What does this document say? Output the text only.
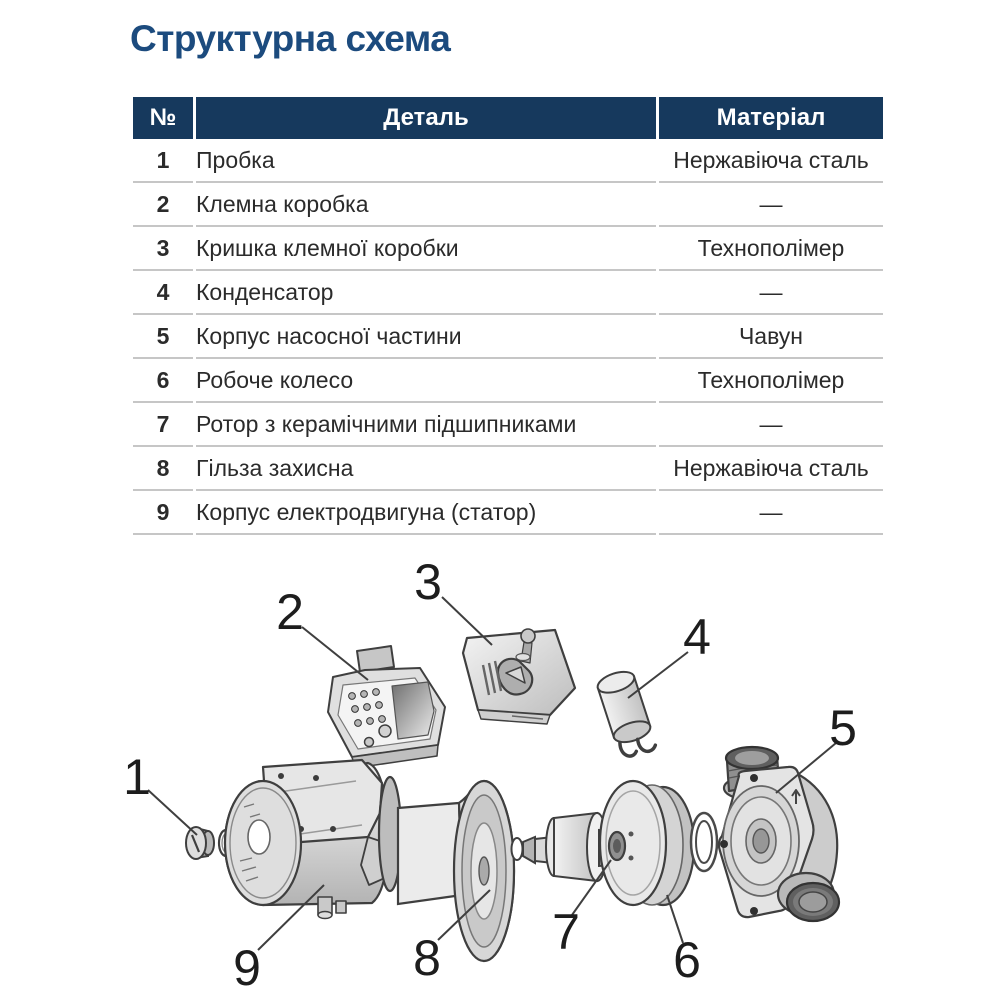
Структурна схема
№	Деталь	Матеріал
1	Пробка	Нержавіюча сталь
2	Клемна коробка	—
3	Кришка клемної коробки	Технополімер
4	Конденсатор	—
5	Корпус насосної частини	Чавун
6	Робоче колесо	Технополімер
7	Ротор з керамічними підшипниками	—
8	Гільза захисна	Нержавіюча сталь
9	Корпус електродвигуна (статор)	—
1
2
3
4
5
6
7
8
9
